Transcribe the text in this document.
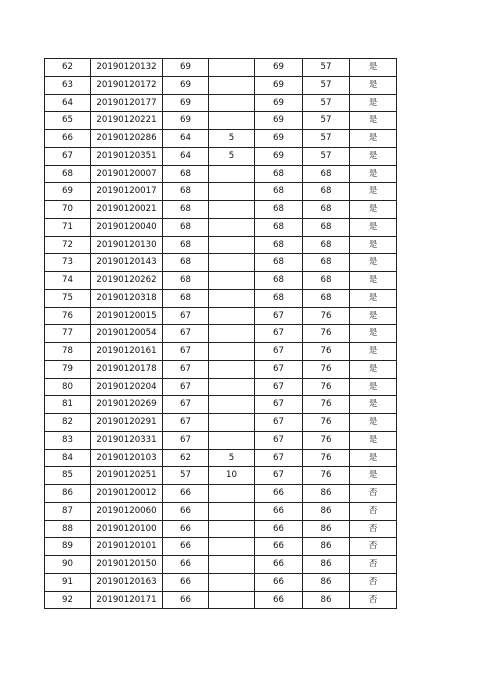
62	20190120132	69		69	57	是
63	20190120172	69		69	57	是
64	20190120177	69		69	57	是
65	20190120221	69		69	57	是
66	20190120286	64	5	69	57	是
67	20190120351	64	5	69	57	是
68	20190120007	68		68	68	是
69	20190120017	68		68	68	是
70	20190120021	68		68	68	是
71	20190120040	68		68	68	是
72	20190120130	68		68	68	是
73	20190120143	68		68	68	是
74	20190120262	68		68	68	是
75	20190120318	68		68	68	是
76	20190120015	67		67	76	是
77	20190120054	67		67	76	是
78	20190120161	67		67	76	是
79	20190120178	67		67	76	是
80	20190120204	67		67	76	是
81	20190120269	67		67	76	是
82	20190120291	67		67	76	是
83	20190120331	67		67	76	是
84	20190120103	62	5	67	76	是
85	20190120251	57	10	67	76	是
86	20190120012	66		66	86	否
87	20190120060	66		66	86	否
88	20190120100	66		66	86	否
89	20190120101	66		66	86	否
90	20190120150	66		66	86	否
91	20190120163	66		66	86	否
92	20190120171	66		66	86	否
